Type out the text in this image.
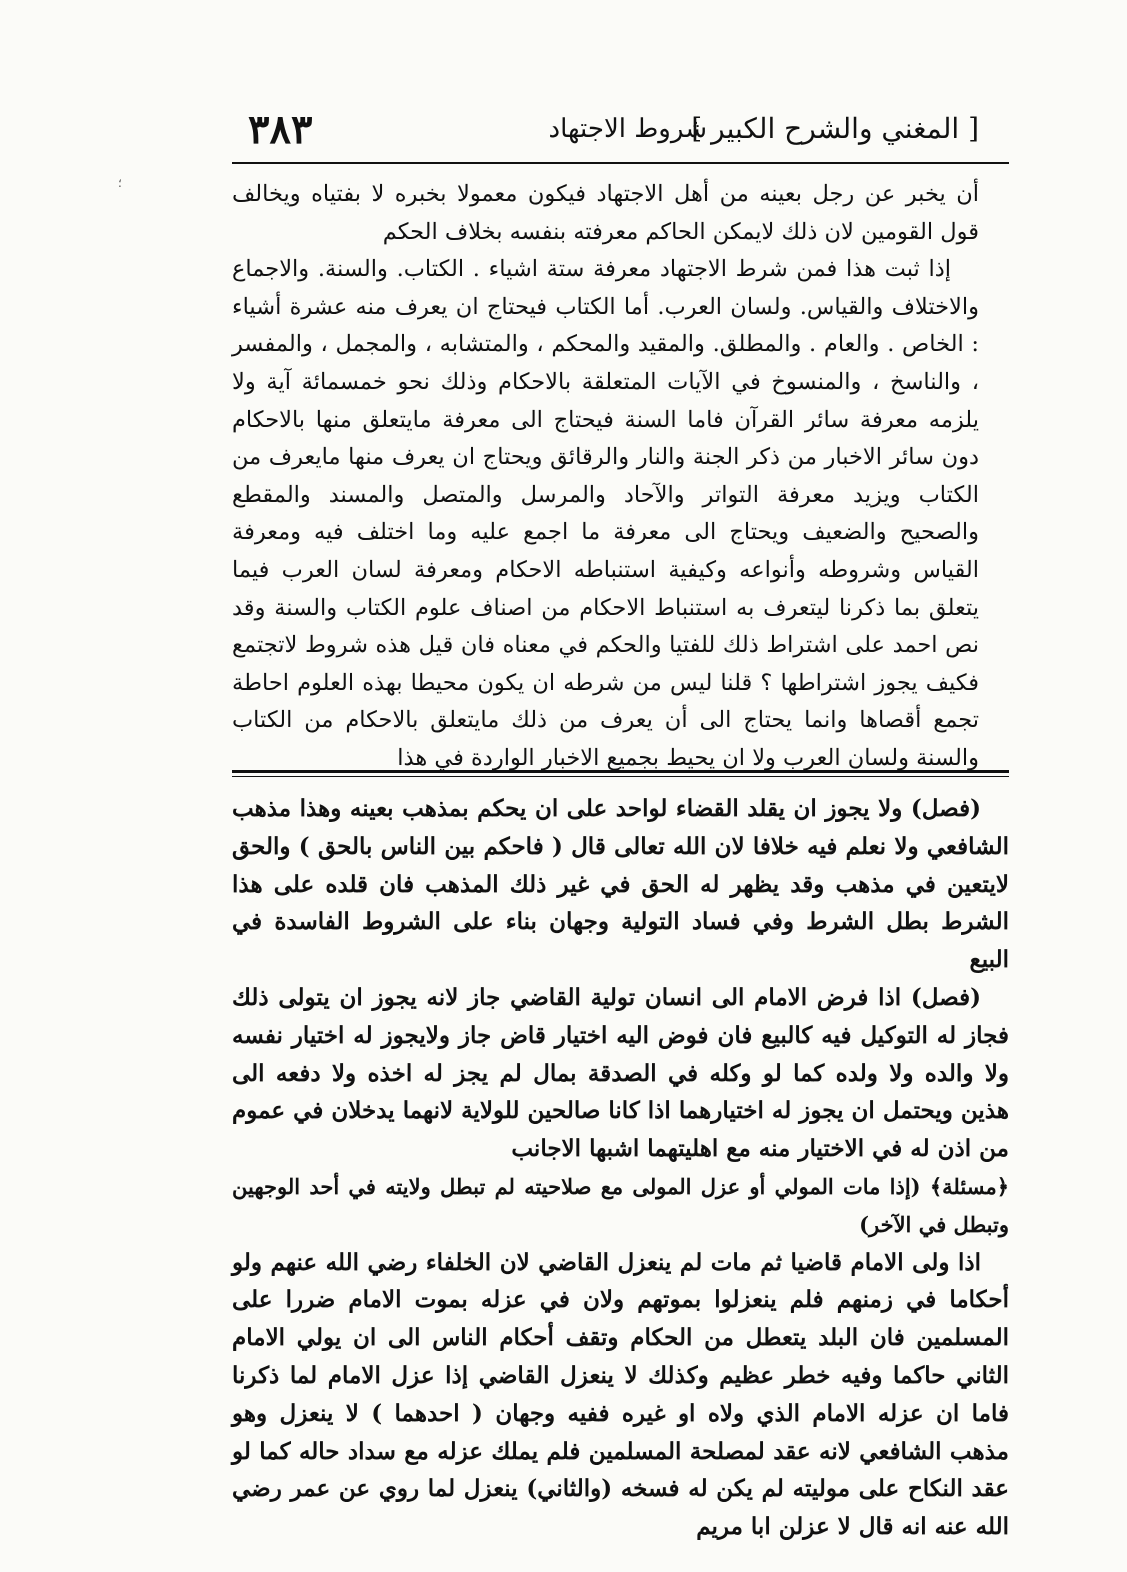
[ المغني والشرح الكبير ]
شروط الاجتهاد
٣٨٣
؛	أن يخبر عن رجل بعينه من أهل الاجتهاد فيكون معمولا بخبره لا بفتياه ويخالف قول القومين لان ذلك لايمكن الحاكم معرفته بنفسه بخلاف الحكم

إذا ثبت هذا فمن شرط الاجتهاد معرفة ستة اشياء . الكتاب. والسنة. والاجماع والاختلاف والقياس. ولسان العرب. أما الكتاب فيحتاج ان يعرف منه عشرة أشياء : الخاص . والعام . والمطلق. والمقيد والمحكم ، والمتشابه ، والمجمل ، والمفسر ، والناسخ ، والمنسوخ في الآيات المتعلقة بالاحكام وذلك نحو خمسمائة آية ولا يلزمه معرفة سائر القرآن فاما السنة فيحتاج الى معرفة مايتعلق منها بالاحكام دون سائر الاخبار من ذكر الجنة والنار والرقائق ويحتاج ان يعرف منها مايعرف من الكتاب ويزيد معرفة التواتر والآحاد والمرسل والمتصل والمسند والمقطع والصحيح والضعيف ويحتاج الى معرفة ما اجمع عليه وما اختلف فيه ومعرفة القياس وشروطه وأنواعه وكيفية استنباطه الاحكام ومعرفة لسان العرب فيما يتعلق بما ذكرنا ليتعرف به استنباط الاحكام من اصناف علوم الكتاب والسنة وقد نص احمد على اشتراط ذلك للفتيا والحكم في معناه فان قيل هذه شروط لاتجتمع فكيف يجوز اشتراطها ؟ قلنا ليس من شرطه ان يكون محيطا بهذه العلوم احاطة تجمع أقصاها وانما يحتاج الى أن يعرف من ذلك مايتعلق بالاحكام من الكتاب والسنة ولسان العرب ولا ان يحيط بجميع الاخبار الواردة في هذا

(فصل) ولا يجوز ان يقلد القضاء لواحد على ان يحكم بمذهب بعينه وهذا مذهب الشافعي ولا نعلم فيه خلافا لان الله تعالى قال ( فاحكم بين الناس بالحق ) والحق لايتعين في مذهب وقد يظهر له الحق في غير ذلك المذهب فان قلده على هذا الشرط بطل الشرط وفي فساد التولية وجهان بناء على الشروط الفاسدة في البيع

(فصل) اذا فرض الامام الى انسان تولية القاضي جاز لانه يجوز ان يتولى ذلك فجاز له التوكيل فيه كالبيع فان فوض اليه اختيار قاض جاز ولايجوز له اختيار نفسه ولا والده ولا ولده كما لو وكله في الصدقة بمال لم يجز له اخذه ولا دفعه الى هذين ويحتمل ان يجوز له اختيارهما اذا كانا صالحين للولاية لانهما يدخلان في عموم من اذن له في الاختيار منه مع اهليتهما اشبها الاجانب

﴿مسئلة﴾ (إذا مات المولي أو عزل المولى مع صلاحيته لم تبطل ولايته في أحد الوجهين وتبطل في الآخر)

اذا ولى الامام قاضيا ثم مات لم ينعزل القاضي لان الخلفاء رضي الله عنهم ولو أحكاما في زمنهم فلم ينعزلوا بموتهم ولان في عزله بموت الامام ضررا على المسلمين فان البلد يتعطل من الحكام وتقف أحكام الناس الى ان يولي الامام الثاني حاكما وفيه خطر عظيم وكذلك لا ينعزل القاضي إذا عزل الامام لما ذكرنا فاما ان عزله الامام الذي ولاه او غيره ففيه وجهان ( احدهما ) لا ينعزل وهو مذهب الشافعي لانه عقد لمصلحة المسلمين فلم يملك عزله مع سداد حاله كما لو عقد النكاح على موليته لم يكن له فسخه (والثاني) ينعزل لما روي عن عمر رضي الله عنه انه قال لا عزلن ابا مريم
